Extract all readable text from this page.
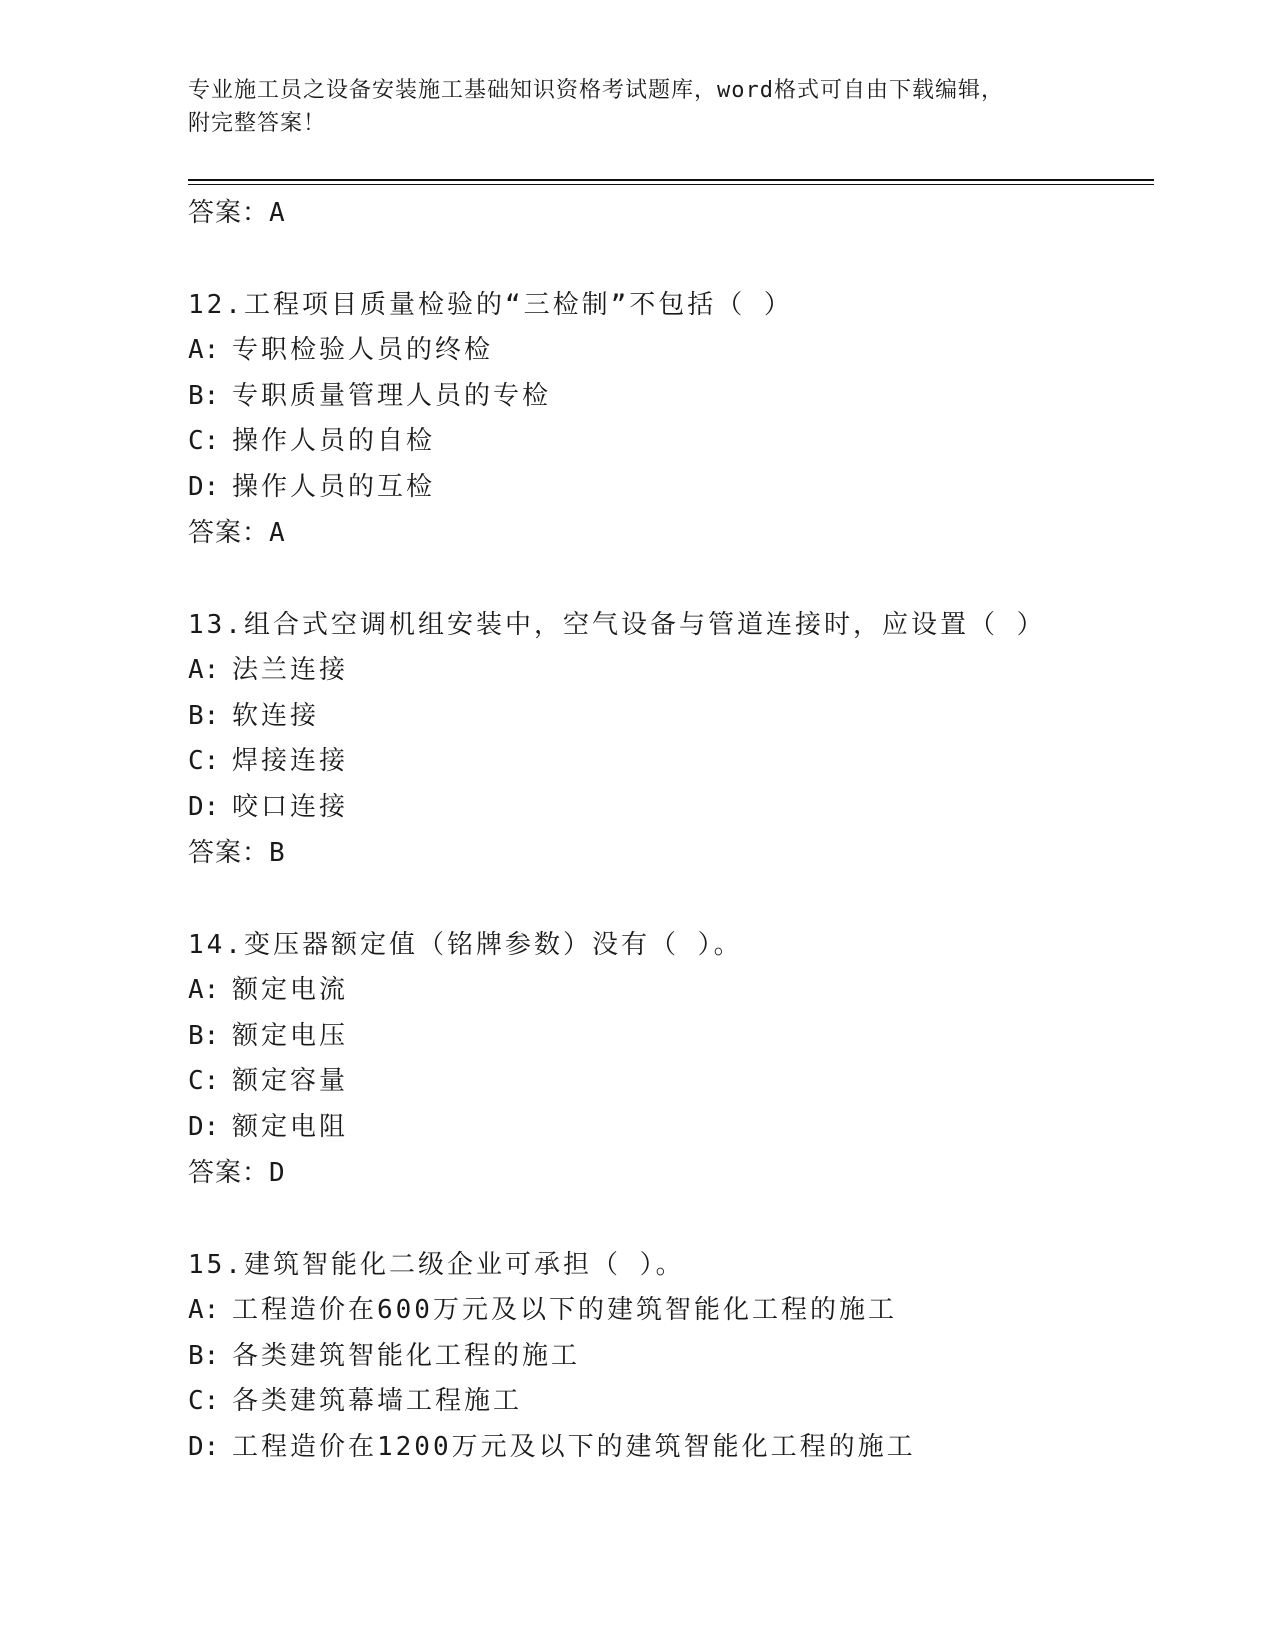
专业施工员之设备安装施工基础知识资格考试题库，word格式可自由下载编辑，
附完整答案！
答案：A
12.工程项目质量检验的“三检制”不包括（ ）
A: 专职检验人员的终检
B: 专职质量管理人员的专检
C: 操作人员的自检
D: 操作人员的互检
答案：A
13.组合式空调机组安装中，空气设备与管道连接时，应设置（ ）
A: 法兰连接
B: 软连接
C: 焊接连接
D: 咬口连接
答案：B
14.变压器额定值（铭牌参数）没有（ ）。
A: 额定电流
B: 额定电压
C: 额定容量
D: 额定电阻
答案：D
15.建筑智能化二级企业可承担（ ）。
A: 工程造价在600万元及以下的建筑智能化工程的施工
B: 各类建筑智能化工程的施工
C: 各类建筑幕墙工程施工
D: 工程造价在1200万元及以下的建筑智能化工程的施工
